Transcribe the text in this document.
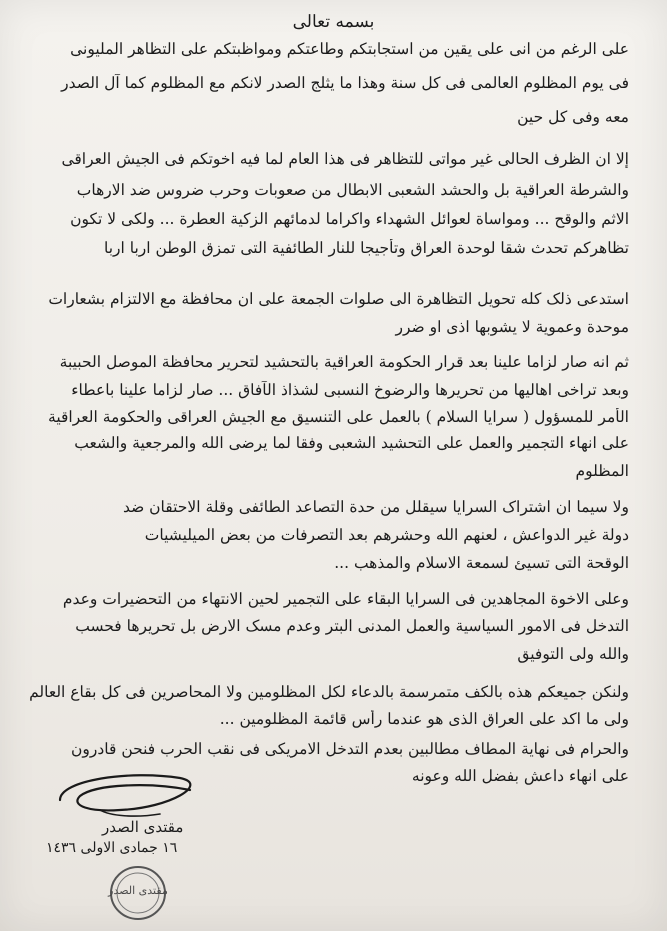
بسمه تعالى
علی الرغم من انی علی یقین من استجابتکم وطاعتکم ومواظبتکم علی التظاهر الملیونی
فی یوم المظلوم العالمی فی کل سنة وهذا ما یثلج الصدر لانکم مع المظلوم کما آل الصدر
معه وفی کل حین
إلا ان الظرف الحالی غیر مواتی للتظاهر فی هذا العام لما فیه اخوتکم فی الجیش العراقی
والشرطة العراقیة بل والحشد الشعبی الابطال من صعوبات وحرب ضروس ضد الارهاب
الاثم والوقح ... ومواساة لعوائل الشهداء واکراما لدمائهم الزکیة العطرة ... ولکی لا تکون
تظاهرکم تحدث شقا لوحدة العراق وتأجیجا للنار الطائفیة التی تمزق الوطن اربا اربا
استدعی ذلک کله تحویل التظاهرة الی صلوات الجمعة علی ان محافظة مع الالتزام بشعارات
موحدة وعموية لا یشوبها اذی او ضرر
ثم انه صار لزاما علینا بعد قرار الحکومة العراقیة بالتحشید لتحریر محافظة الموصل الحبیبة
وبعد تراخی اهالیها من تحریرها والرضوخ النسبی لشذاذ الآفاق ... صار لزاما علینا باعطاء
الأمر للمسؤول ( سرایا السلام ) بالعمل علی التنسیق مع الجیش العراقی والحکومة العراقیة
علی انهاء التجمیر والعمل علی التحشید الشعبی وفقا لما یرضی الله والمرجعیة والشعب
المظلوم
ولا سیما ان اشتراک السرایا سیقلل من حدة التصاعد الطائفی وقلة الاحتقان ضد
دولة غیر الدواعش ، لعنهم الله وحشرهم بعد التصرفات من بعض المیلیشیات
الوقحة التی تسیئ لسمعة الاسلام والمذهب ...
وعلی الاخوة المجاهدین فی السرایا البقاء علی التجمیر لحین الانتهاء من التحضیرات وعدم
التدخل فی الامور السیاسیة والعمل المدنی البتر وعدم مسک الارض بل تحریرها فحسب
والله ولی التوفیق
ولنکن جمیعکم هذه بالکف متمرسمة بالدعاء لکل المظلومین ولا المحاصرین فی کل بقاع العالم
ولی ما اکد علی العراق الذی هو عندما رأس قائمة المظلومین ...
والحرام فی نهایة المطاف مطالبین بعدم التدخل الامریکی فی نقب الحرب فنحن قادرون
علی انهاء داعش بفضل الله وعونه
مقتدى الصدر
١٦ جمادى الاولى ١٤٣٦
مقتدى الصدر
